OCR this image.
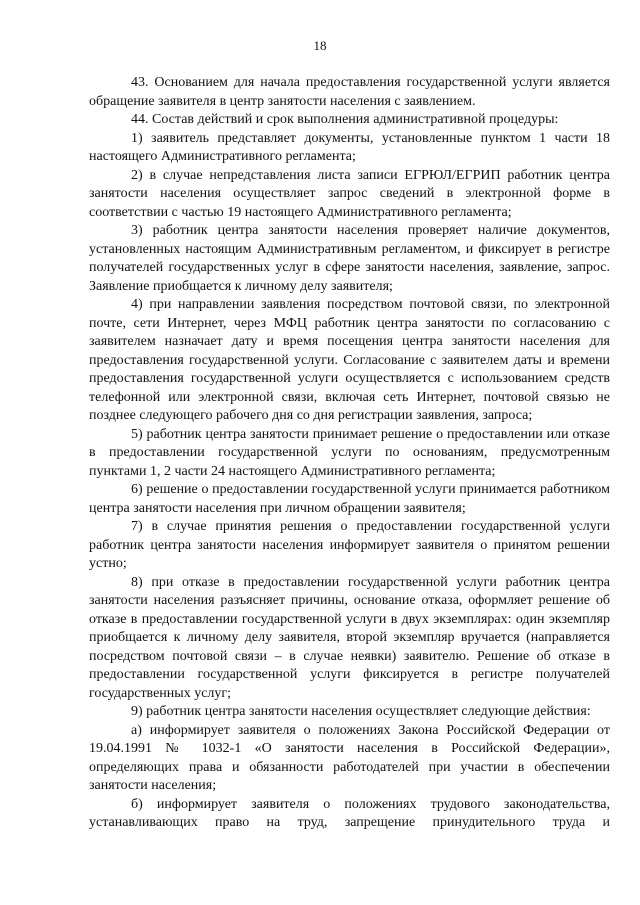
18

43. Основанием для начала предоставления государственной услуги является обращение заявителя в центр занятости населения с заявлением.

44. Состав действий и срок выполнения административной процедуры:

1) заявитель представляет документы, установленные пунктом 1 части 18 настоящего Административного регламента;

2) в случае непредставления листа записи ЕГРЮЛ/ЕГРИП работник центра занятости населения осуществляет запрос сведений в электронной форме в соответствии с частью 19 настоящего Административного регламента;

3) работник центра занятости населения проверяет наличие документов, установленных настоящим Административным регламентом, и фиксирует в регистре получателей государственных услуг в сфере занятости населения, заявление, запрос. Заявление приобщается к личному делу заявителя;

4) при направлении заявления посредством почтовой связи, по электронной почте, сети Интернет, через МФЦ работник центра занятости по согласованию с заявителем назначает дату и время посещения центра занятости населения для предоставления государственной услуги. Согласование с заявителем даты и времени предоставления государственной услуги осуществляется с использованием средств телефонной или электронной связи, включая сеть Интернет, почтовой связью не позднее следующего рабочего дня со дня регистрации заявления, запроса;

5) работник центра занятости принимает решение о предоставлении или отказе в предоставлении государственной услуги по основаниям, предусмотренным пунктами 1, 2 части 24 настоящего Административного регламента;

6) решение о предоставлении государственной услуги принимается работником центра занятости населения при личном обращении заявителя;

7) в случае принятия решения о предоставлении государственной услуги работник центра занятости населения информирует заявителя о принятом решении устно;

8) при отказе в предоставлении государственной услуги работник центра занятости населения разъясняет причины, основание отказа, оформляет решение об отказе в предоставлении государственной услуги в двух экземплярах: один экземпляр приобщается к личному делу заявителя, второй экземпляр вручается (направляется посредством почтовой связи – в случае неявки) заявителю. Решение об отказе в предоставлении государственной услуги фиксируется в регистре получателей государственных услуг;

9) работник центра занятости населения осуществляет следующие действия:

а) информирует заявителя о положениях Закона Российской Федерации от 19.04.1991 № 1032-1 «О занятости населения в Российской Федерации», определяющих права и обязанности работодателей при участии в обеспечении занятости населения;

б) информирует заявителя о положениях трудового законодательства, устанавливающих право на труд, запрещение принудительного труда и
